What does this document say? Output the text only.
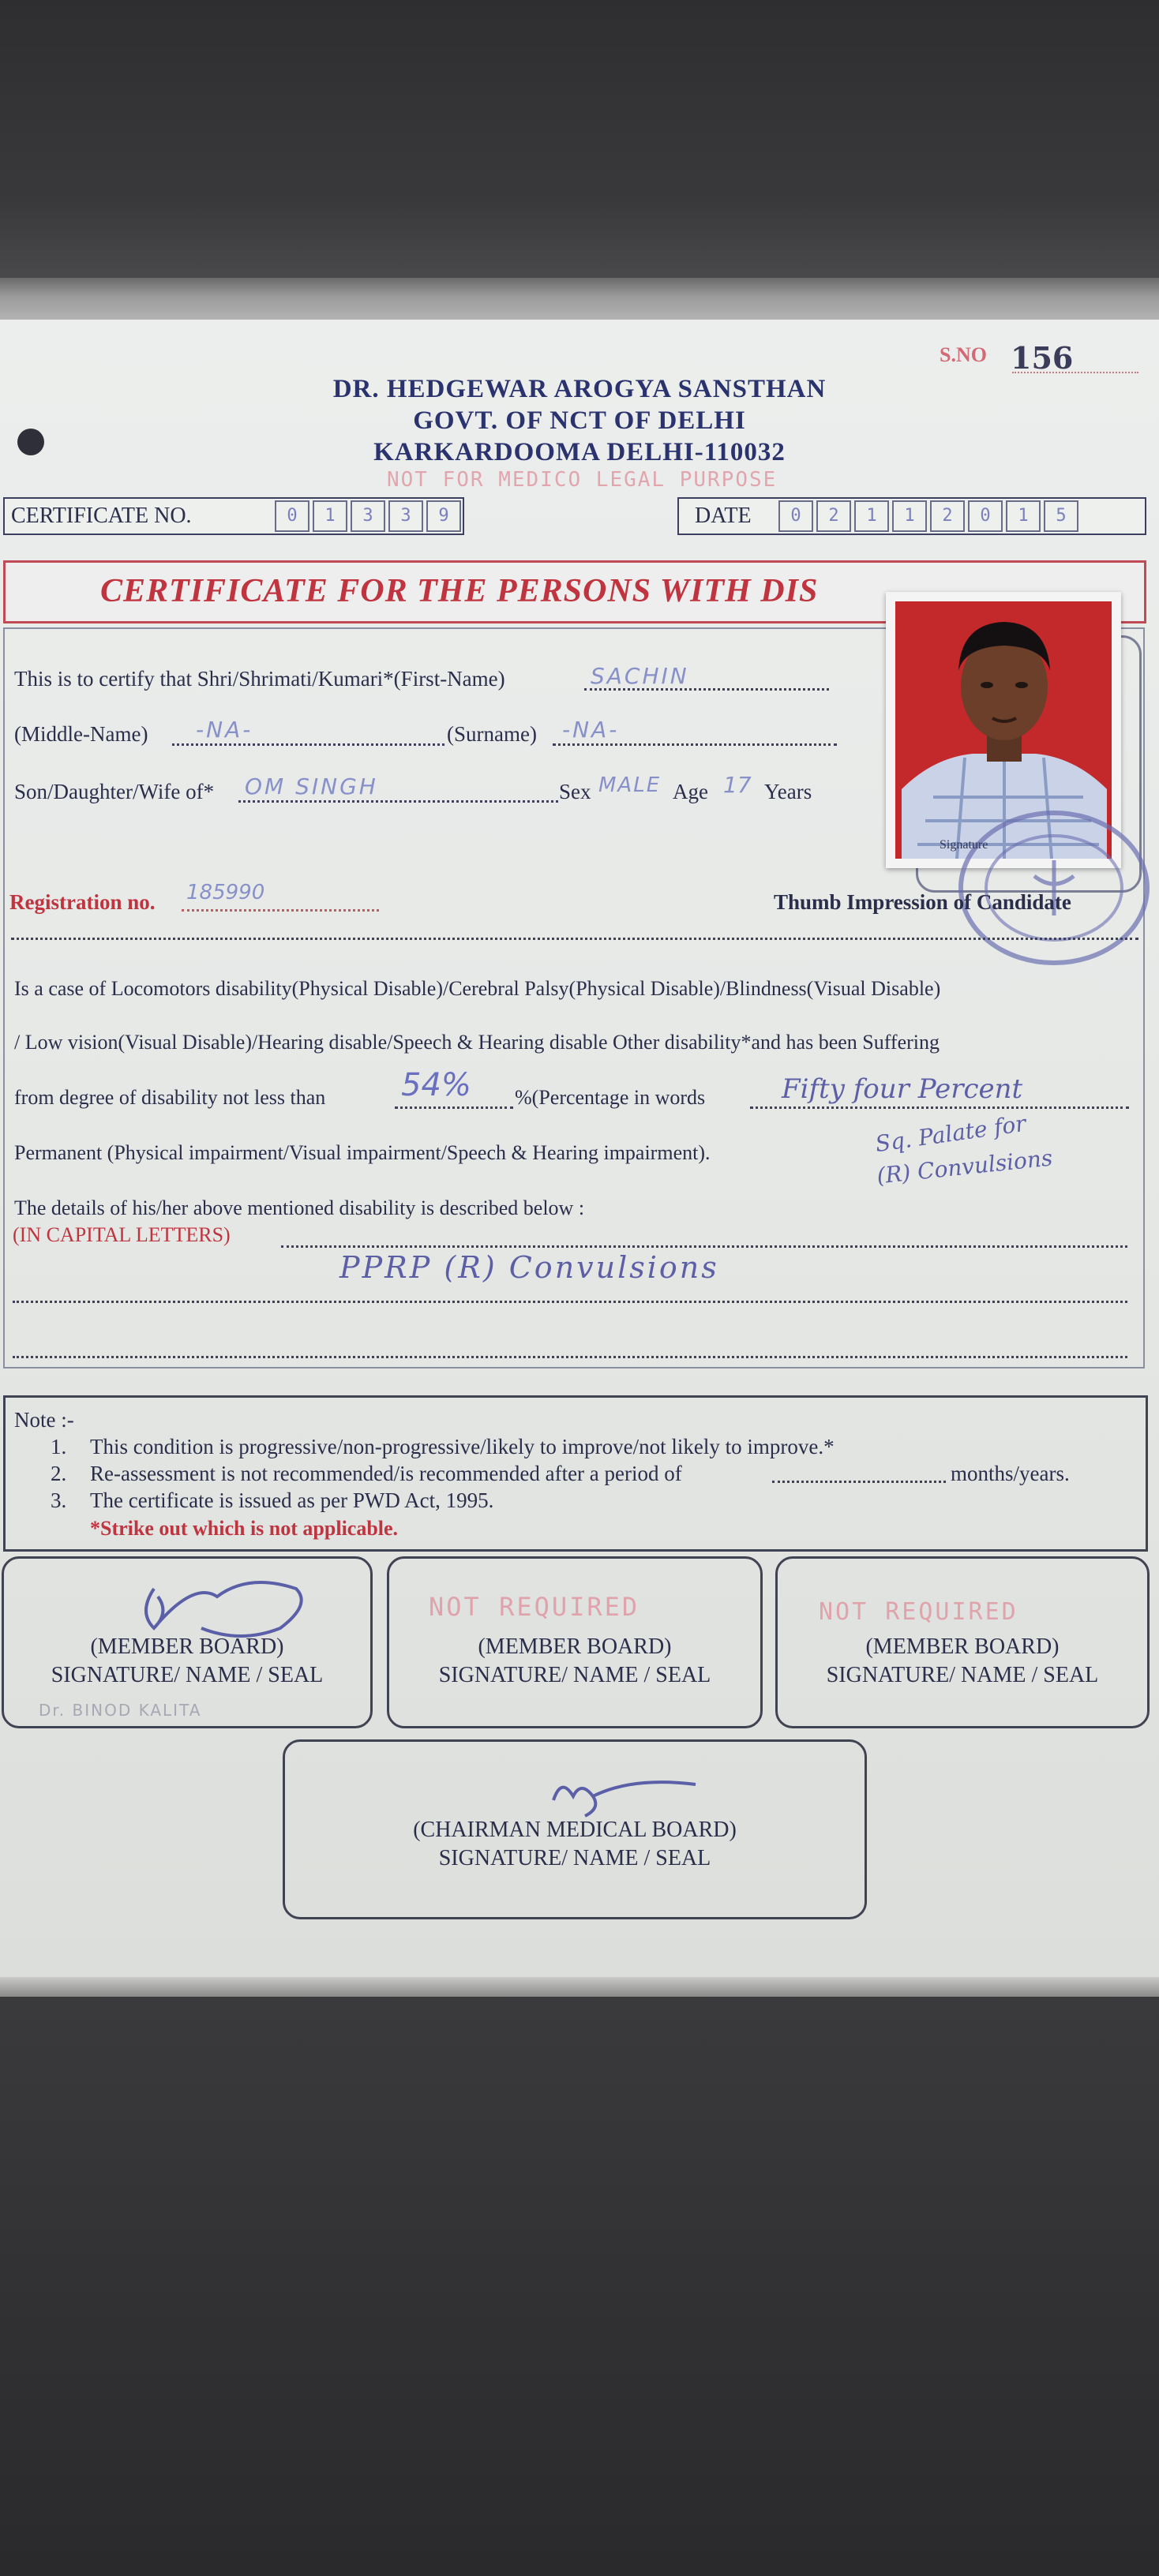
S.NO 156
DR. HEDGEWAR AROGYA SANSTHAN
GOVT. OF NCT OF DELHI
KARKARDOOMA DELHI-110032
NOT FOR MEDICO LEGAL PURPOSE
CERTIFICATE NO.	0 1 3 3 9	DATE	0 2 1 1 2 0 1 5
CERTIFICATE FOR THE PERSONS WITH DIS
This is to certify that Shri/Shrimati/Kumari*(First-Name)	SACHIN
(Middle-Name) -NA-	(Surname) -NA-
Son/Daughter/Wife of* OM SINGH	Sex MALE Age 17 Years
Registration no. 185990
Signature
Thumb Impression of Candidate
Is a case of Locomotors disability(Physical Disable)/Cerebral Palsy(Physical Disable)/Blindness(Visual Disable)
/ Low vision(Visual Disable)/Hearing disable/Speech & Hearing disable Other disability*and has been Suffering
from degree of disability not less than 54% %(Percentage in words	Fifty four Percent
Permanent (Physical impairment/Visual impairment/Speech & Hearing impairment).	Sq. Palate for
(R) Convulsions
The details of his/her above mentioned disability is described below :
(IN CAPITAL LETTERS)
PPRP (R) Convulsions
Note :-
1. This condition is progressive/non-progressive/likely to improve/not likely to improve.*
2. Re-assessment is not recommended/is recommended after a period of	months/years.
3. The certificate is issued as per PWD Act, 1995.
*Strike out which is not applicable.
(MEMBER BOARD)
SIGNATURE/ NAME / SEAL
Dr. BINOD KALITA
NOT REQUIRED
(MEMBER BOARD)
SIGNATURE/ NAME / SEAL
NOT REQUIRED
(MEMBER BOARD)
SIGNATURE/ NAME / SEAL
(CHAIRMAN MEDICAL BOARD)
SIGNATURE/ NAME / SEAL
